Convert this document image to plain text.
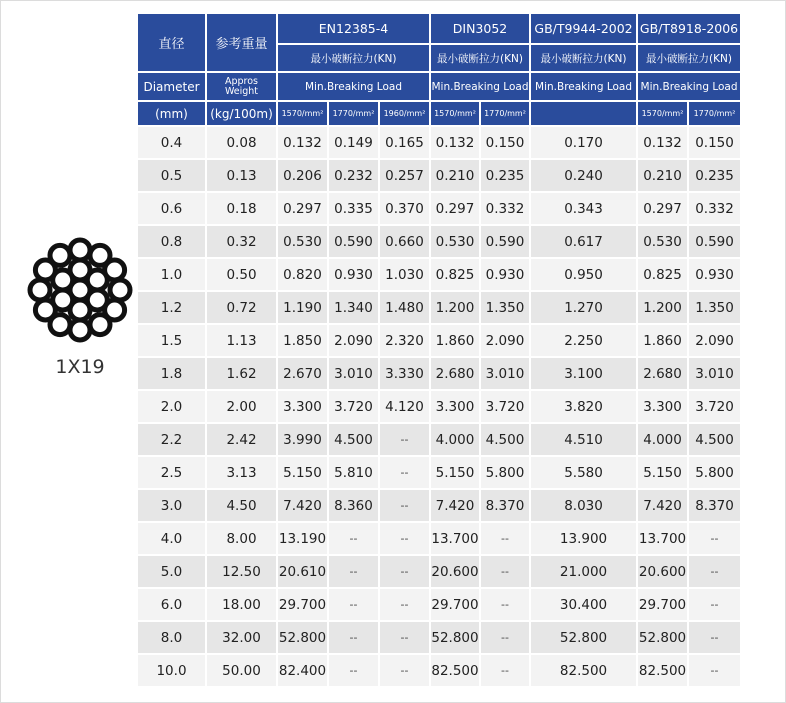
1X19
直径	参考重量	EN12385-4			DIN3052		GB/T9944-2002	GB/T8918-2006	
		最小破断拉力(KN)			最小破断拉力(KN)		最小破断拉力(KN)	最小破断拉力(KN)	
Diameter	Appros Weight	Min.Breaking Load			Min.Breaking Load		Min.Breaking Load	Min.Breaking Load	
(mm)	(kg/100m)	1570/mm²	1770/mm²	1960/mm²	1570/mm²	1770/mm²		1570/mm²	1770/mm²
0.4	0.08	0.132	0.149	0.165	0.132	0.150	0.170	0.132	0.150
0.5	0.13	0.206	0.232	0.257	0.210	0.235	0.240	0.210	0.235
0.6	0.18	0.297	0.335	0.370	0.297	0.332	0.343	0.297	0.332
0.8	0.32	0.530	0.590	0.660	0.530	0.590	0.617	0.530	0.590
1.0	0.50	0.820	0.930	1.030	0.825	0.930	0.950	0.825	0.930
1.2	0.72	1.190	1.340	1.480	1.200	1.350	1.270	1.200	1.350
1.5	1.13	1.850	2.090	2.320	1.860	2.090	2.250	1.860	2.090
1.8	1.62	2.670	3.010	3.330	2.680	3.010	3.100	2.680	3.010
2.0	2.00	3.300	3.720	4.120	3.300	3.720	3.820	3.300	3.720
2.2	2.42	3.990	4.500	--	4.000	4.500	4.510	4.000	4.500
2.5	3.13	5.150	5.810	--	5.150	5.800	5.580	5.150	5.800
3.0	4.50	7.420	8.360	--	7.420	8.370	8.030	7.420	8.370
4.0	8.00	13.190	--	--	13.700	--	13.900	13.700	--
5.0	12.50	20.610	--	--	20.600	--	21.000	20.600	--
6.0	18.00	29.700	--	--	29.700	--	30.400	29.700	--
8.0	32.00	52.800	--	--	52.800	--	52.800	52.800	--
10.0	50.00	82.400	--	--	82.500	--	82.500	82.500	--
